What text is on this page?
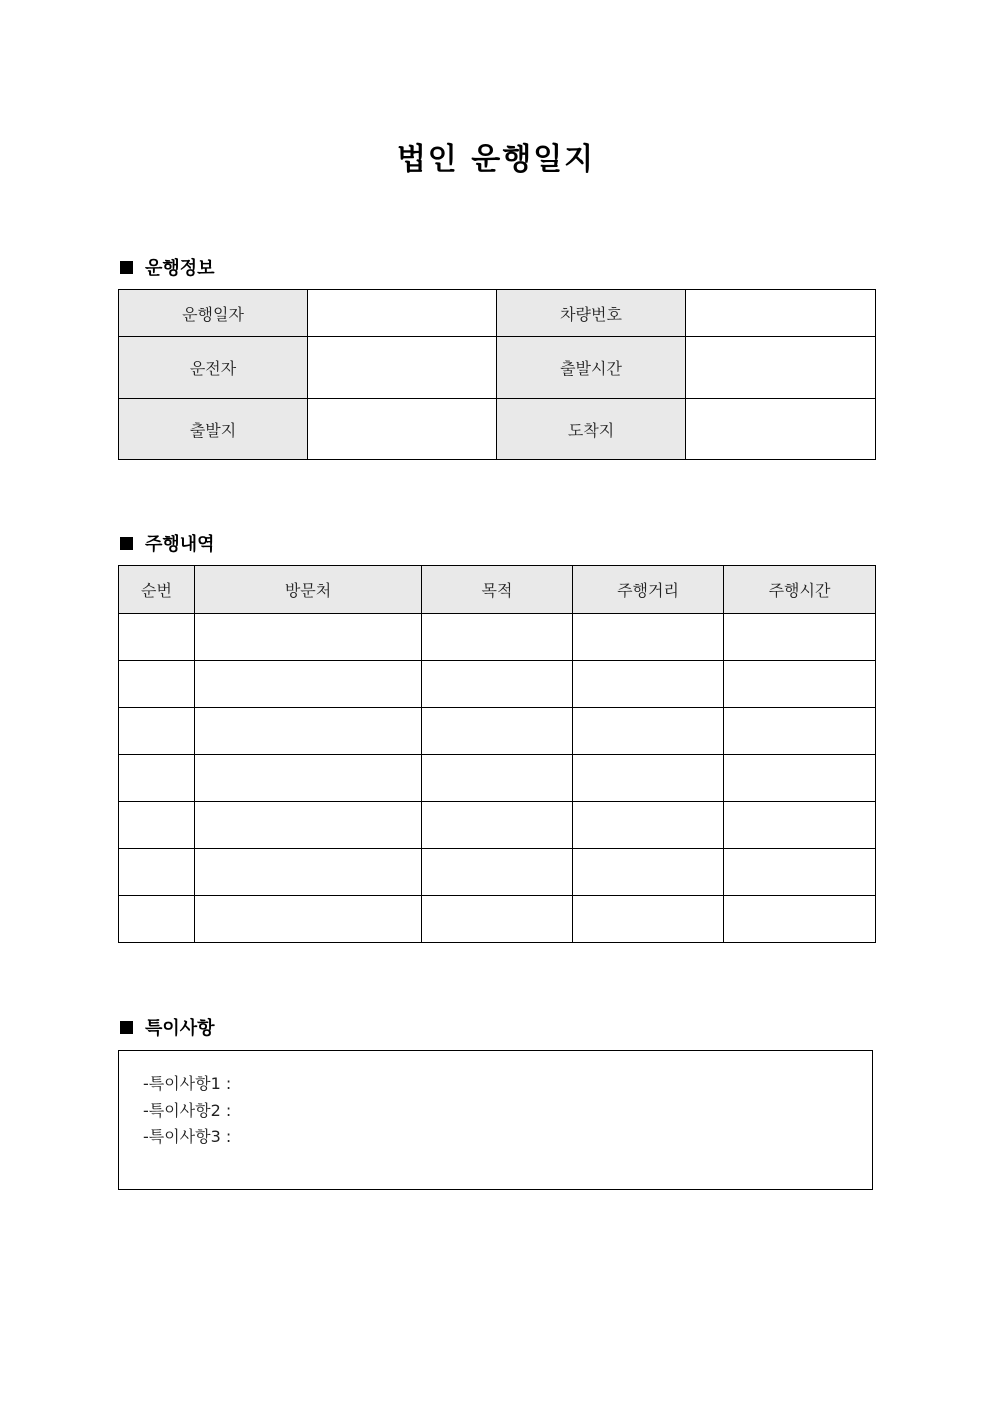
법인 운행일지
운행정보
운행일자		차량번호	
운전자		출발시간	
출발지		도착지	
주행내역
순번	방문처	목적	주행거리	주행시간

특이사항
-특이사항1 :
-특이사항2 :
-특이사항3 :
